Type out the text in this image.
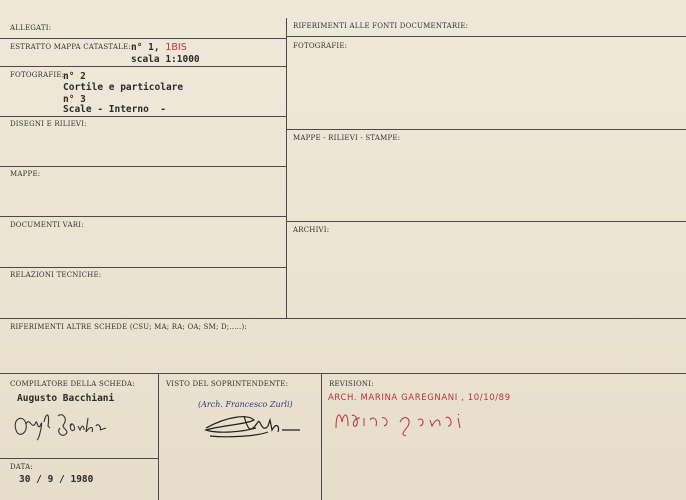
ALLEGATI:
ESTRATTO MAPPA CATASTALE: n° 1, 1BIS
scala 1:1000
FOTOGRAFIE:
n° 2
Cortile e particolare
n° 3
Scale - Interno  -
DISEGNI E RILIEVI:
MAPPE:
DOCUMENTI VARI:
RELAZIONI TECNICHE:
RIFERIMENTI ALLE FONTI DOCUMENTARIE:
FOTOGRAFIE:
MAPPE - RILIEVI - STAMPE:
ARCHIVI:
RIFERIMENTI ALTRE SCHEDE (CSU; MA; RA; OA; SM; D;.....):
COMPILATORE DELLA SCHEDA:
Augusto Bacchiani
DATA:
30 / 9 / 1980
VISTO DEL SOPRINTENDENTE:
(Arch. Francesco Zurli)
REVISIONI:
ARCH. MARINA GAREGNANI , 10/10/89
